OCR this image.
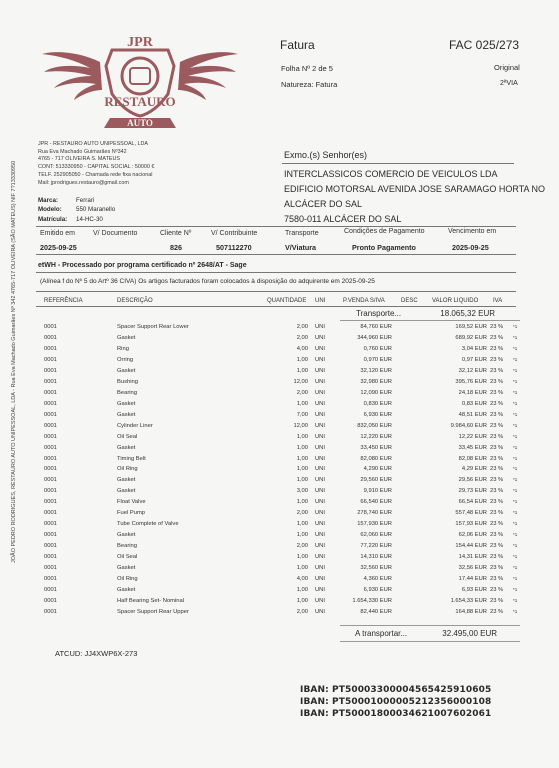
JPR
RESTAURO
AUTO
Fatura	FAC 025/273
Folha Nº 2 de 5	Original
Natureza: Fatura	2ªVIA
JPR - RESTAURO AUTO UNIPESSOAL, LDA
Rua Eva Machado Guimarães Nº342
4765 - 717 OLIVEIRA S. MATEUS
CONT: 513330950 - CAPITAL SOCIAL : 50000 €
TELF. 252905050 - Chamada rede fixa nacional
Mail: jprodrigues.restauro@gmail.com
Exmo.(s) Senhor(es)
INTERCLASSICOS COMERCIO DE VEICULOS LDA
EDIFICIO MOTORSAL AVENIDA JOSE SARAMAGO HORTA NO
ALCÁCER DO SAL
7580-011 ALCÁCER DO SAL
Marca:	Ferrari
Modelo: 550 Maranello
Matrícula: 14-HC-30
JOÃO PEDRO RODRIGUES, RESTAURO AUTO UNIPESSOAL, LDA - Rua Eva Machado Guimarães Nº 342 4765-717 OLIVEIRA (SÃO MATEUS) NIF 7?13330950	Emitido em	V/ Documento	Cliente Nº	V/ Contribuinte	Transporte	Condições de Pagamento	Vencimento em
2025-09-25	826	507112270	V/Viatura	Pronto Pagamento	2025-09-25
etWH - Processado por programa certificado nº 2648/AT - Sage
(Alínea f do Nº 5 do Artº 36 CIVA) Os artigos facturados foram colocados à disposição do adquirente em 2025-09-25
REFERÊNCIA	DESCRIÇÃO	QUANTIDADE UNI	P.VENDA S/IVA	DESC VALOR LIQUIDO IVA
Transporte...	18.065,32 EUR
0001	Spacer Support Rear Lower	2,00 UNI	84,760 EUR	169,52 EUR 23 % *1
0001	Gasket	2,00 UNI	344,960 EUR	689,92 EUR 23 % *1
0001	Ring	4,00 UNI	0,760 EUR	3,04 EUR 23 % *1
0001	Orring	1,00 UNI	0,970 EUR	0,97 EUR 23 % *1
0001	Gasket	1,00 UNI	32,120 EUR	32,12 EUR 23 % *1
0001	Bushing	12,00 UNI	32,980 EUR	395,76 EUR 23 % *1
0001	Bearing	2,00 UNI	12,090 EUR	24,18 EUR 23 % *1
0001	Gasket	1,00 UNI	0,830 EUR	0,83 EUR 23 % *1
0001	Gasket	7,00 UNI	6,930 EUR	48,51 EUR 23 % *1
0001	Cylinder Liner	12,00 UNI	832,050 EUR	9.984,60 EUR 23 % *1
0001	Oil Seal	1,00 UNI	12,220 EUR	12,22 EUR 23 % *1
0001	Gasket	1,00 UNI	33,450 EUR	33,45 EUR 23 % *1
0001	Timing Belt	1,00 UNI	82,080 EUR	82,08 EUR 23 % *1
0001	Oil Ring	1,00 UNI	4,290 EUR	4,29 EUR 23 % *1
0001	Gasket	1,00 UNI	29,560 EUR	29,56 EUR 23 % *1
0001	Gasket	3,00 UNI	9,910 EUR	29,73 EUR 23 % *1
0001	Float Valve	1,00 UNI	66,540 EUR	66,54 EUR 23 % *1
0001	Fuel Pump	2,00 UNI	278,740 EUR	557,48 EUR 23 % *1
0001	Tube Complete of Valve	1,00 UNI	157,930 EUR	157,93 EUR 23 % *1
0001	Gasket	1,00 UNI	62,060 EUR	62,06 EUR 23 % *1
0001	Bearing	2,00 UNI	77,220 EUR	154,44 EUR 23 % *1
0001	Oil Seal	1,00 UNI	14,310 EUR	14,31 EUR 23 % *1
0001	Gasket	1,00 UNI	32,560 EUR	32,56 EUR 23 % *1
0001	Oil Ring	4,00 UNI	4,360 EUR	17,44 EUR 23 % *1
0001	Gasket	1,00 UNI	6,930 EUR	6,93 EUR 23 % *1
0001	Half Bearing Set- Nominal	1,00 UNI	1.654,330 EUR	1.654,33 EUR 23 % *1
0001	Spacer Support Rear Upper	2,00 UNI	82,440 EUR	164,88 EUR 23 % *1
A transportar...	32.495,00 EUR
ATCUD: JJ4XWP6X-273
IBAN: PT50003300004565425910605
IBAN: PT50001000005212356000108
IBAN: PT50001800034621007602061
